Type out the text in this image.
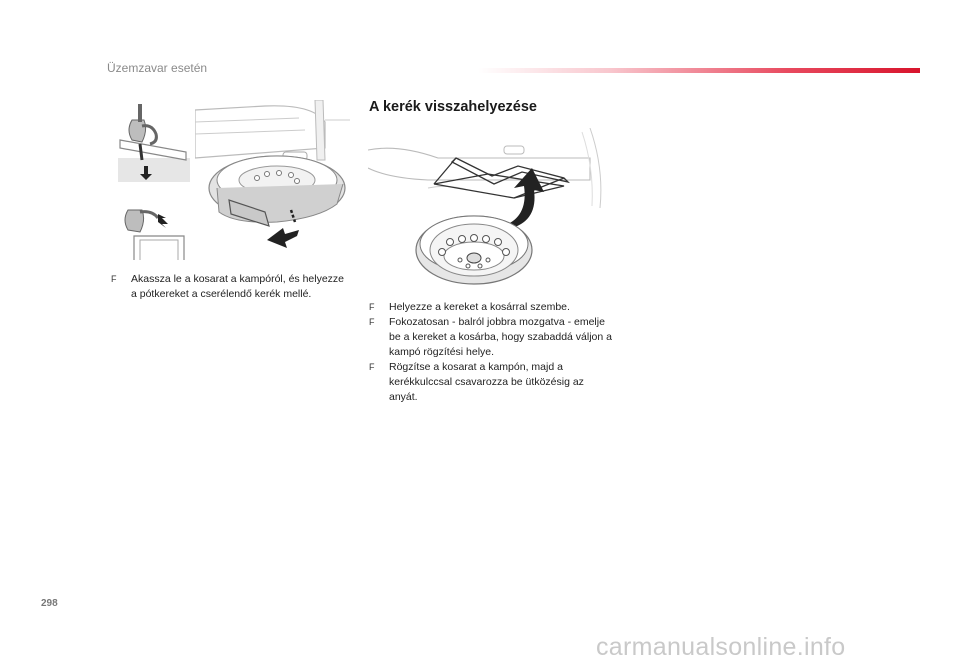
Üzemzavar esetén
A kerék visszahelyezése
F Akassza le a kosarat a kampóról, és helyezze a pótkereket a cserélendő kerék mellé.
F Helyezze a kereket a kosárral szembe.
F Fokozatosan - balról jobbra mozgatva - emelje be a kereket a kosárba, hogy szabaddá váljon a kampó rögzítési helye.
F Rögzítse a kosarat a kampón, majd a kerékkulccsal csavarozza be ütközésig az anyát.
298
carmanualsonline.info
